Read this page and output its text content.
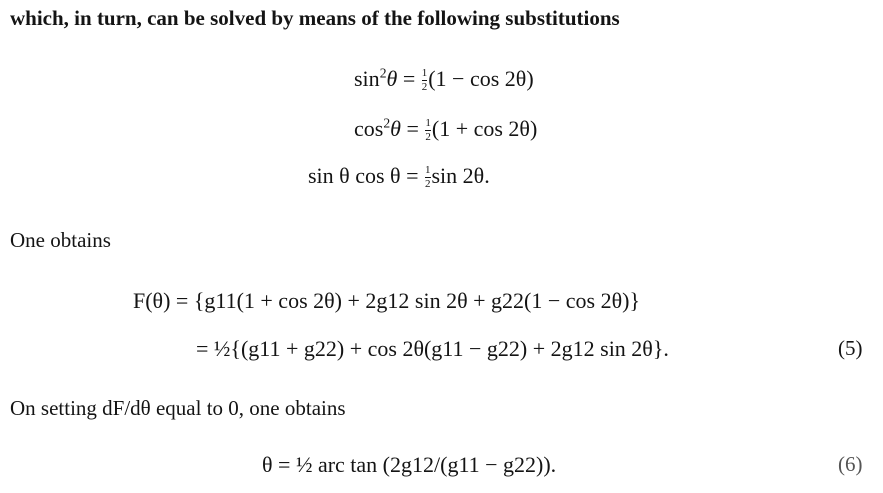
which, in turn, can be solved by means of the following substitutions
$\sin^2\theta = \frac{1}{2} (1 - \cos 2\theta)$
$\cos^2\theta = \frac{1}{2} (1 + \cos 2\theta)$
sin θ $\cos \theta = \frac{1}{2}$ sin 2θ.
One obtains
F(θ) = {g11(1 + cos 2θ) + 2g12 sin 2θ + g22(1 − cos 2θ)}
= ½{(g11 + g22) + cos 2θ(g11 − g22) + 2g12 sin 2θ}.	(5)
On setting dF/dθ equal to 0, one obtains
θ = ½ arc tan (2g12/(g11 − g22)).	(6)
